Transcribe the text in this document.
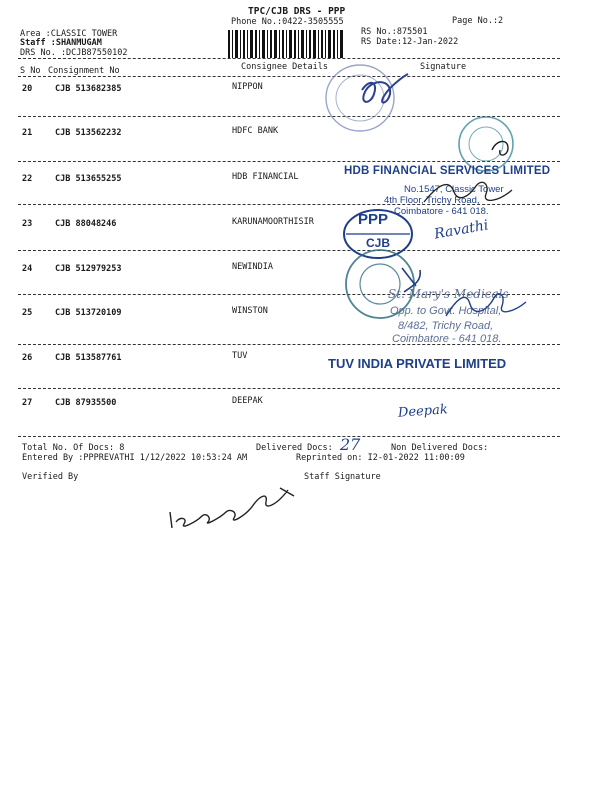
TPC/CJB DRS - PPP
Phone No.:0422-3505555	Page No.:2
Area :CLASSIC TOWER
Staff :SHANMUGAM
DRS No. :DCJB87550102
RS No.:875501
RS Date:12-Jan-2022
S No Consignment No	Consignee Details	Signature
20	CJB 513682385	NIPPON
21	CJB 513562232	HDFC BANK
22	CJB 513655255	HDB FINANCIAL
23	CJB 88048246	KARUNAMOORTHISIR
24	CJB 512979253	NEWINDIA
25	CJB 513720109	WINSTON
26	CJB 513587761	TUV
27	CJB 87935500	DEEPAK
HDB FINANCIAL SERVICES LIMITED
No.1547, Classic Tower
4th Floor, Trichy Road,
Coimbatore - 641 018.
PPP
CJB
Ravathi
St. Mary's Medicals
Opp. to Govt. Hospital,
8/482, Trichy Road,
Coimbatore - 641 018.
TUV INDIA PRIVATE LIMITED
Deepak
Total No. Of Docs: 8	Delivered Docs: 27	Non Delivered Docs:
Entered By :PPPREVATHI 1/12/2022 10:53:24 AM	Reprinted on: I2-01-2022 11:00:09
Verified By	Staff Signature
